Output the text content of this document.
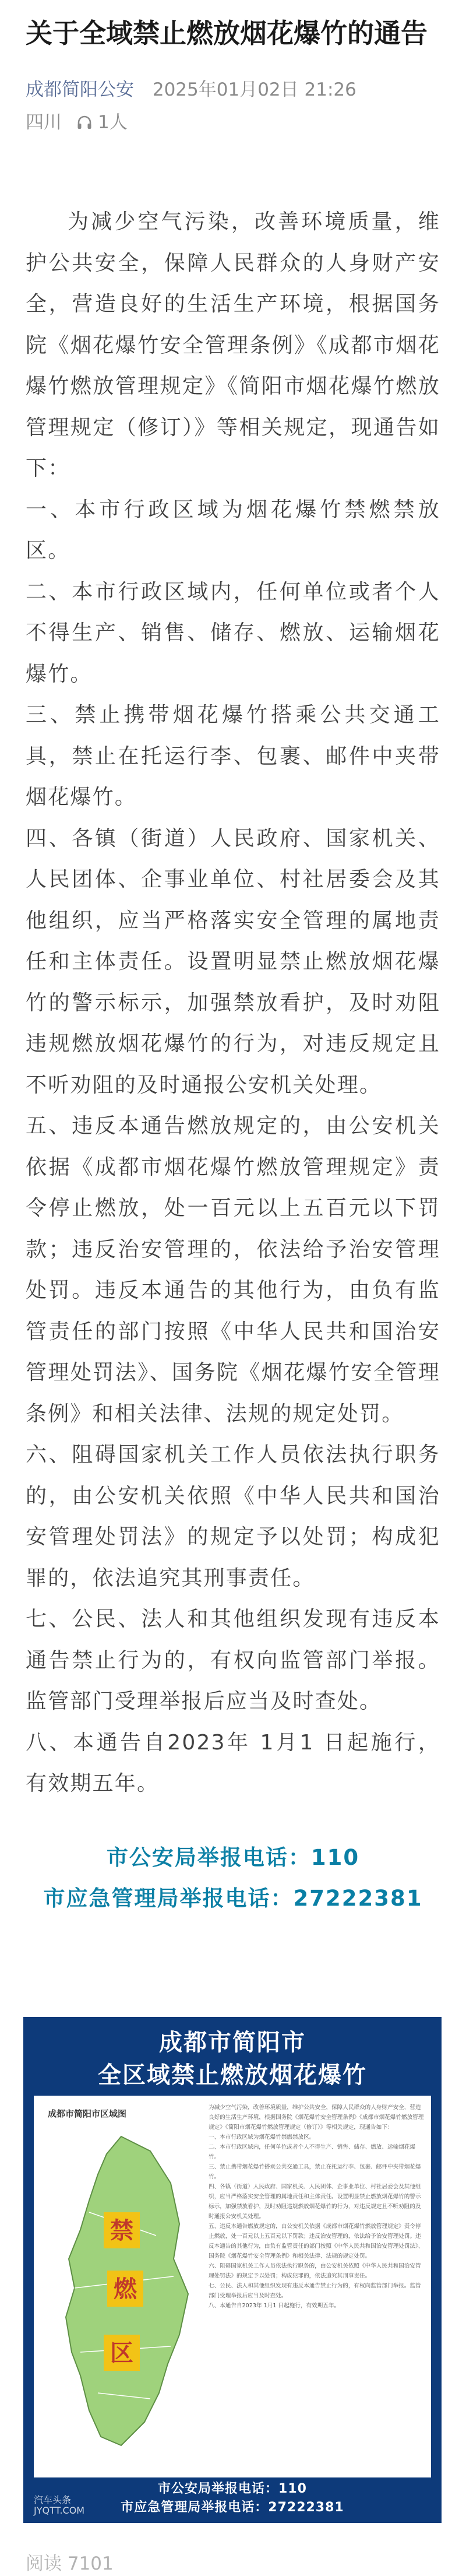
关于全域禁止燃放烟花爆竹的通告
成都简阳公安 2025年01月02日 21:26
四川 1人

为减少空气污染，改善环境质量，维护公共安全，保障人民群众的人身财产安全，营造良好的生活生产环境，根据国务院《烟花爆竹安全管理条例》《成都市烟花爆竹燃放管理规定》《简阳市烟花爆竹燃放管理规定（修订）》等相关规定，现通告如下：

一、本市行政区域为烟花爆竹禁燃禁放区。

二、本市行政区域内，任何单位或者个人不得生产、销售、储存、燃放、运输烟花爆竹。

三、禁止携带烟花爆竹搭乘公共交通工具，禁止在托运行李、包裹、邮件中夹带烟花爆竹。

四、各镇（街道）人民政府、国家机关、人民团体、企事业单位、村社居委会及其他组织，应当严格落实安全管理的属地责任和主体责任。设置明显禁止燃放烟花爆竹的警示标示，加强禁放看护，及时劝阻违规燃放烟花爆竹的行为，对违反规定且不听劝阻的及时通报公安机关处理。

五、违反本通告燃放规定的，由公安机关依据《成都市烟花爆竹燃放管理规定》责令停止燃放，处一百元以上五百元以下罚款；违反治安管理的，依法给予治安管理处罚。违反本通告的其他行为，由负有监管责任的部门按照《中华人民共和国治安管理处罚法》、国务院《烟花爆竹安全管理条例》和相关法律、法规的规定处罚。

六、阻碍国家机关工作人员依法执行职务的，由公安机关依照《中华人民共和国治安管理处罚法》的规定予以处罚；构成犯罪的，依法追究其刑事责任。

七、公民、法人和其他组织发现有违反本通告禁止行为的，有权向监管部门举报。监管部门受理举报后应当及时查处。

八、本通告自2023年 1月1 日起施行，有效期五年。

市公安局举报电话：110
市应急管理局举报电话：27222381
成都市简阳市
全区域禁止燃放烟花爆竹
成都市简阳市区域图
禁
燃
区

为减少空气污染，改善环境质量，维护公共安全，保障人民群众的人身财产安全，营造良好的生活生产环境，根据国务院《烟花爆竹安全管理条例》《成都市烟花爆竹燃放管理规定》《简阳市烟花爆竹燃放管理规定（修订）》等相关规定，现通告如下：

一、本市行政区域为烟花爆竹禁燃禁放区。

二、本市行政区域内，任何单位或者个人不得生产、销售、储存、燃放、运输烟花爆竹。

三、禁止携带烟花爆竹搭乘公共交通工具，禁止在托运行李、包裹、邮件中夹带烟花爆竹。

四、各镇（街道）人民政府、国家机关、人民团体、企事业单位、村社居委会及其他组织，应当严格落实安全管理的属地责任和主体责任。设置明显禁止燃放烟花爆竹的警示标示，加强禁放看护，及时劝阻违规燃放烟花爆竹的行为，对违反规定且不听劝阻的及时通报公安机关处理。

五、违反本通告燃放规定的，由公安机关依据《成都市烟花爆竹燃放管理规定》责令停止燃放，处一百元以上五百元以下罚款；违反治安管理的，依法给予治安管理处罚。违反本通告的其他行为，由负有监管责任的部门按照《中华人民共和国治安管理处罚法》、国务院《烟花爆竹安全管理条例》和相关法律、法规的规定处罚。

六、阻碍国家机关工作人员依法执行职务的，由公安机关依照《中华人民共和国治安管理处罚法》的规定予以处罚；构成犯罪的，依法追究其刑事责任。

七、公民、法人和其他组织发现有违反本通告禁止行为的，有权向监管部门举报。监管部门受理举报后应当及时查处。

八、本通告自2023年 1月1 日起施行，有效期五年。

市公安局举报电话：110
市应急管理局举报电话：27222381
汽车头条
JYQTT.COM
阅读 7101
